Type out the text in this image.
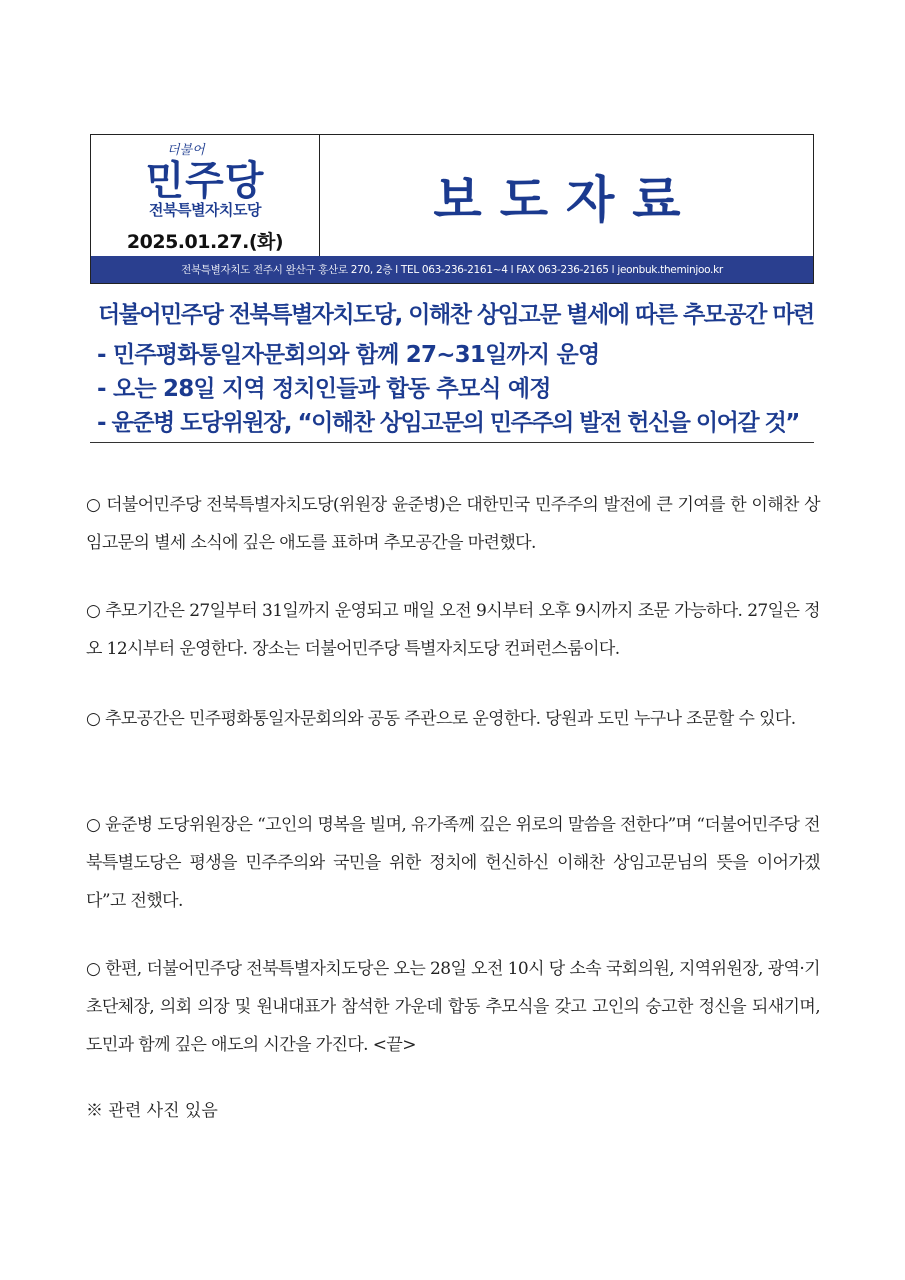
더불어
민주당
전북특별자치도당
2025.01.27.(화)
보도자료
전북특별자치도 전주시 완산구 홍산로 270, 2층 l TEL 063-236-2161~4 l FAX 063-236-2165 l jeonbuk.theminjoo.kr
더불어민주당 전북특별자치도당, 이해찬 상임고문 별세에 따른 추모공간 마련
- 민주평화통일자문회의와 함께 27~31일까지 운영
- 오는 28일 지역 정치인들과 합동 추모식 예정
- 윤준병 도당위원장, “이해찬 상임고문의 민주주의 발전 헌신을 이어갈 것”
○ 더불어민주당 전북특별자치도당(위원장 윤준병)은 대한민국 민주주의 발전에 큰 기여를 한 이해찬 상임고문의 별세 소식에 깊은 애도를 표하며 추모공간을 마련했다.
○ 추모기간은 27일부터 31일까지 운영되고 매일 오전 9시부터 오후 9시까지 조문 가능하다. 27일은 정오 12시부터 운영한다. 장소는 더불어민주당 특별자치도당 컨퍼런스룸이다.
○ 추모공간은 민주평화통일자문회의와 공동 주관으로 운영한다. 당원과 도민 누구나 조문할 수 있다.
○ 윤준병 도당위원장은 “고인의 명복을 빌며, 유가족께 깊은 위로의 말씀을 전한다”며 “더불어민주당 전북특별도당은 평생을 민주주의와 국민을 위한 정치에 헌신하신 이해찬 상임고문님의 뜻을 이어가겠다”고 전했다.
○ 한편, 더불어민주당 전북특별자치도당은 오는 28일 오전 10시 당 소속 국회의원, 지역위원장, 광역·기초단체장, 의회 의장 및 원내대표가 참석한 가운데 합동 추모식을 갖고 고인의 숭고한 정신을 되새기며, 도민과 함께 깊은 애도의 시간을 가진다. <끝>
※ 관련 사진 있음
